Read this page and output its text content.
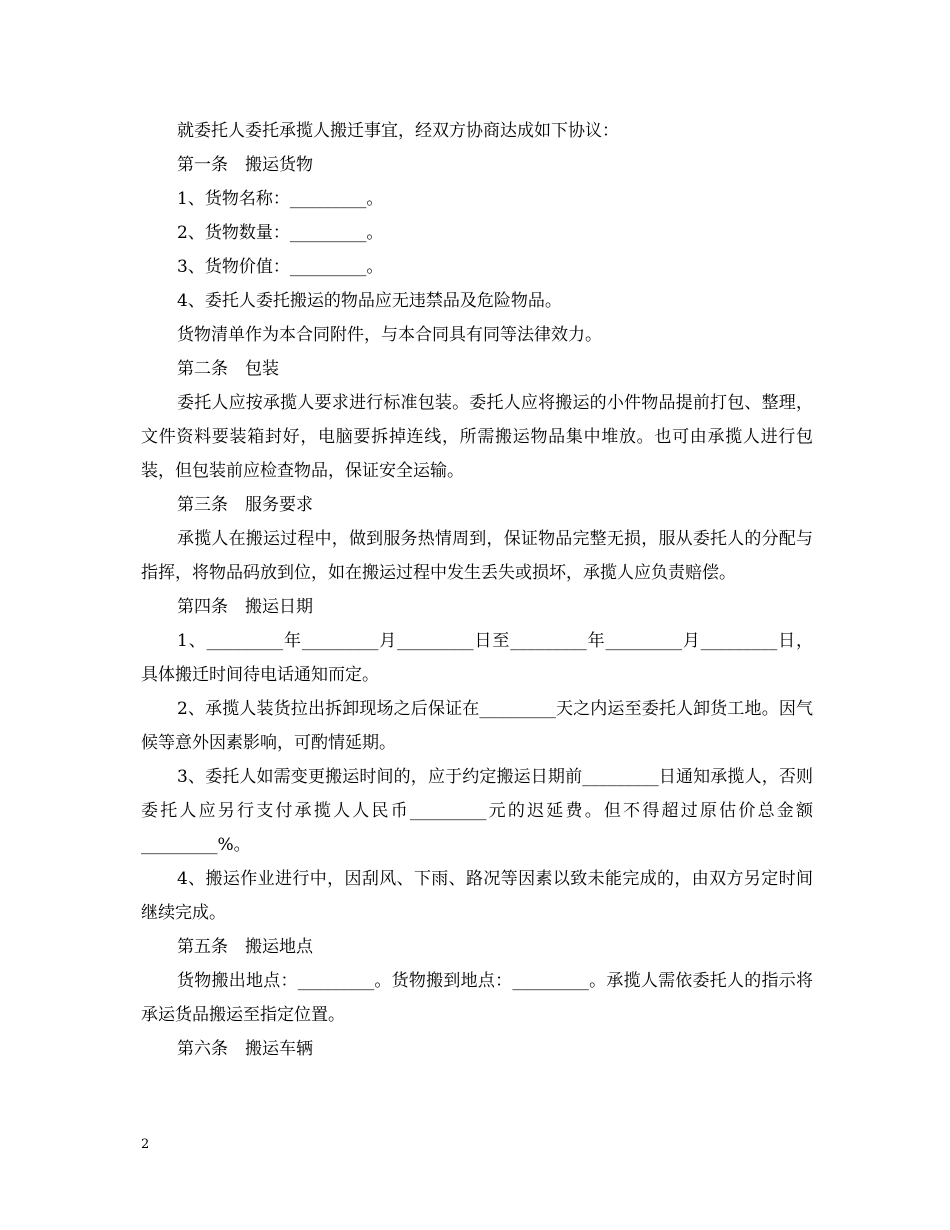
就委托人委托承揽人搬迁事宜，经双方协商达成如下协议：

第一条　搬运货物

1、货物名称：_________。

2、货物数量：_________。

3、货物价值：_________。

4、委托人委托搬运的物品应无违禁品及危险物品。

货物清单作为本合同附件，与本合同具有同等法律效力。

第二条　包装

委托人应按承揽人要求进行标准包装。委托人应将搬运的小件物品提前打包、整理，文件资料要装箱封好，电脑要拆掉连线，所需搬运物品集中堆放。也可由承揽人进行包装，但包装前应检查物品，保证安全运输。

第三条　服务要求

承揽人在搬运过程中，做到服务热情周到，保证物品完整无损，服从委托人的分配与指挥，将物品码放到位，如在搬运过程中发生丢失或损坏，承揽人应负责赔偿。

第四条　搬运日期

1、_________年_________月_________日至_________年_________月_________日，具体搬迁时间待电话通知而定。

2、承揽人装货拉出拆卸现场之后保证在_________天之内运至委托人卸货工地。因气候等意外因素影响，可酌情延期。

3、委托人如需变更搬运时间的，应于约定搬运日期前_________日通知承揽人，否则委托人应另行支付承揽人人民币_________元的迟延费。但不得超过原估价总金额_________%。

4、搬运作业进行中，因刮风、下雨、路况等因素以致未能完成的，由双方另定时间继续完成。

第五条　搬运地点

货物搬出地点：_________。货物搬到地点：_________。承揽人需依委托人的指示将承运货品搬运至指定位置。

第六条　搬运车辆

2
